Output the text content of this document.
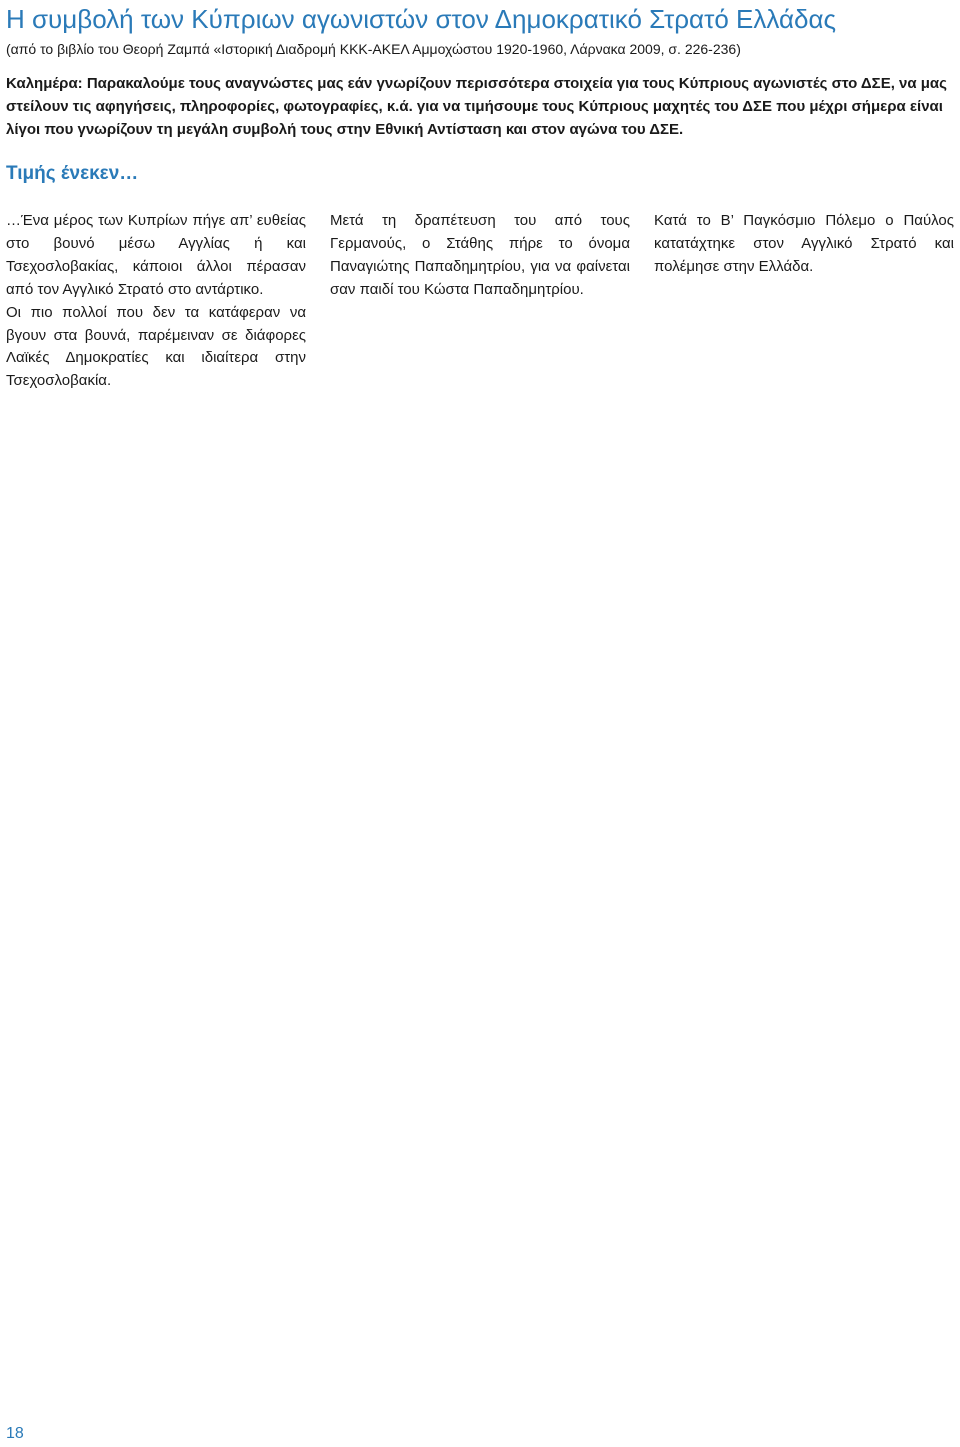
Η συμβολή των Κύπριων αγωνιστών στον Δημοκρατικό Στρατό Ελλάδας
(από το βιβλίο του Θεορή Ζαμπά «Ιστορική Διαδρομή ΚΚΚ-ΑΚΕΛ Αμμοχώστου 1920-1960, Λάρνακα 2009, σ. 226-236)

Καλημέρα: Παρακαλούμε τους αναγνώστες μας εάν γνωρίζουν περισσότερα στοιχεία για τους Κύπριους αγωνιστές στο ΔΣΕ, να μας στείλουν τις αφηγήσεις, πληροφορίες, φωτογραφίες, κ.ά. για να τιμήσουμε τους Κύπριους μαχητές του ΔΣΕ που μέχρι σήμερα είναι λίγοι που γνωρίζουν τη μεγάλη συμβολή τους στην Εθνική Αντίσταση και στον αγώνα του ΔΣΕ.

Τιμής ένεκεν…

…Ένα μέρος των Κυπρίων πήγε απ’ ευθείας στο βουνό μέσω Αγγλίας ή και Τσεχοσλοβακίας, κάποιοι άλλοι πέρασαν από τον Αγγλικό Στρατό στο αντάρτικο.

Οι πιο πολλοί που δεν τα κατάφεραν να βγουν στα βουνά, παρέμειναν σε διάφορες Λαϊκές Δημοκρατίες και ιδιαίτερα στην Τσεχοσλοβακία.

Μετά τη δραπέτευση του από τους Γερμανούς, ο Στάθης πήρε το όνομα Παναγιώτης Παπαδημητρίου, για να φαίνεται σαν παιδί του Κώστα Παπαδημητρίου.

Κατά το Β’ Παγκόσμιο Πόλεμο ο Παύλος κατατάχτηκε στον Αγγλικό Στρατό και πολέμησε στην Ελλάδα.

18
